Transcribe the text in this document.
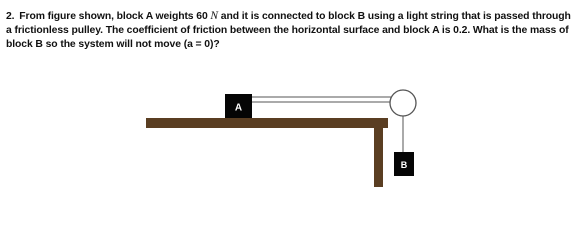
2. From figure shown, block A weights 60 N and it is connected to block B using a light string that is passed through a frictionless pulley. The coefficient of friction between the horizontal surface and block A is 0.2. What is the mass of block B so the system will not move (a = 0)?
A
B
